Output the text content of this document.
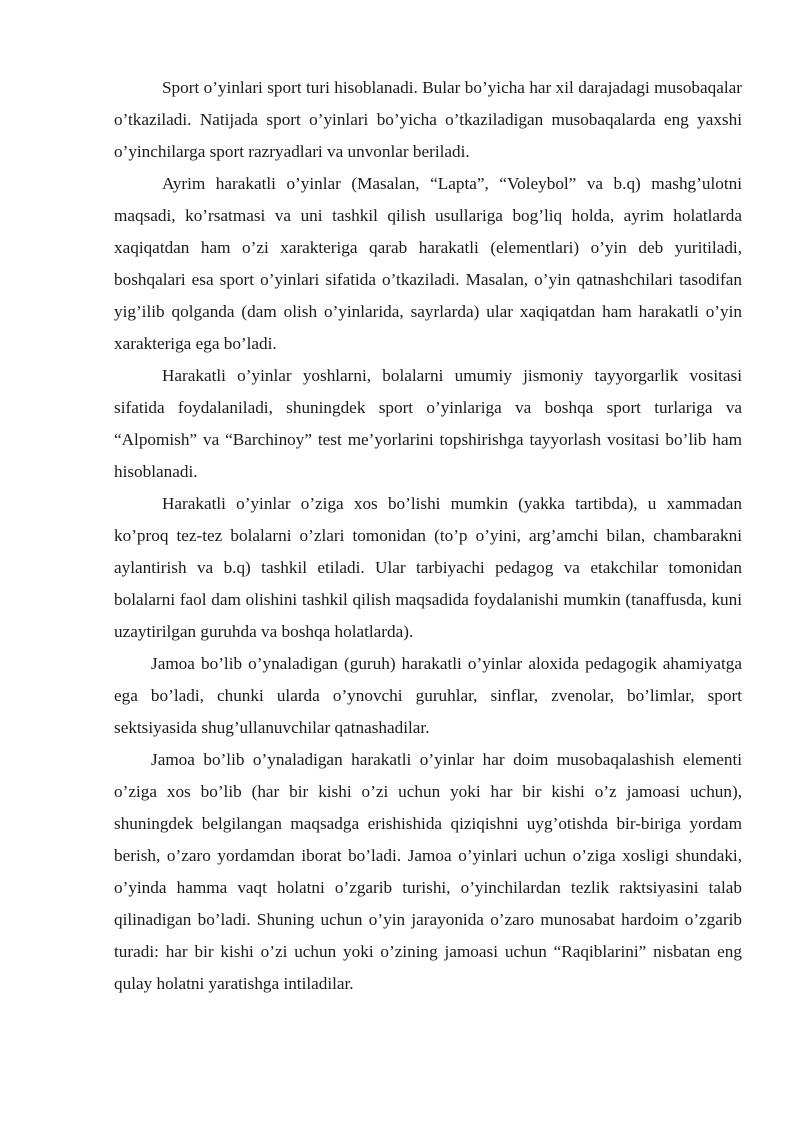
Sport o’yinlari sport turi hisoblanadi. Bular bo’yicha har xil darajadagi musobaqalar o’tkaziladi. Natijada sport o’yinlari bo’yicha o’tkaziladigan musobaqalarda eng yaxshi o’yinchilarga sport razryadlari va unvonlar beriladi.

Ayrim harakatli o’yinlar (Masalan, “Lapta”, “Voleybol” va b.q) mashg’ulotni maqsadi, ko’rsatmasi va uni tashkil qilish usullariga bog’liq holda, ayrim holatlarda xaqiqatdan ham o’zi xarakteriga qarab harakatli (elementlari) o’yin deb yuritiladi, boshqalari esa sport o’yinlari sifatida o’tkaziladi. Masalan, o’yin qatnashchilari tasodifan yig’ilib qolganda (dam olish o’yinlarida, sayrlarda) ular xaqiqatdan ham harakatli o’yin xarakteriga ega bo’ladi.

Harakatli o’yinlar yoshlarni, bolalarni umumiy jismoniy tayyorgarlik vositasi sifatida foydalaniladi, shuningdek sport o’yinlariga va boshqa sport turlariga va “Alpomish” va “Barchinoy” test me’yorlarini topshirishga tayyorlash vositasi bo’lib ham hisoblanadi.

Harakatli o’yinlar o’ziga xos bo’lishi mumkin (yakka tartibda), u xammadan ko’proq tez-tez bolalarni o’zlari tomonidan (to’p o’yini, arg’amchi bilan, chambarakni aylantirish va b.q) tashkil etiladi. Ular tarbiyachi pedagog va etakchilar tomonidan bolalarni faol dam olishini tashkil qilish maqsadida foydalanishi mumkin (tanaffusda, kuni uzaytirilgan guruhda va boshqa holatlarda).

Jamoa bo’lib o’ynaladigan (guruh) harakatli o’yinlar aloxida pedagogik ahamiyatga ega bo’ladi, chunki ularda o’ynovchi guruhlar, sinflar, zvenolar, bo’limlar, sport sektsiyasida shug’ullanuvchilar qatnashadilar.

Jamoa bo’lib o’ynaladigan harakatli o’yinlar har doim musobaqalashish elementi o’ziga xos bo’lib (har bir kishi o’zi uchun yoki har bir kishi o’z jamoasi uchun), shuningdek belgilangan maqsadga erishishida qiziqishni uyg’otishda bir-biriga yordam berish, o’zaro yordamdan iborat bo’ladi. Jamoa o’yinlari uchun o’ziga xosligi shundaki, o’yinda hamma vaqt holatni o’zgarib turishi, o’yinchilardan tezlik raktsiyasini talab qilinadigan bo’ladi. Shuning uchun o’yin jarayonida o’zaro munosabat hardoim o’zgarib turadi: har bir kishi o’zi uchun yoki o’zining jamoasi uchun “Raqiblarini” nisbatan eng qulay holatni yaratishga intiladilar.
